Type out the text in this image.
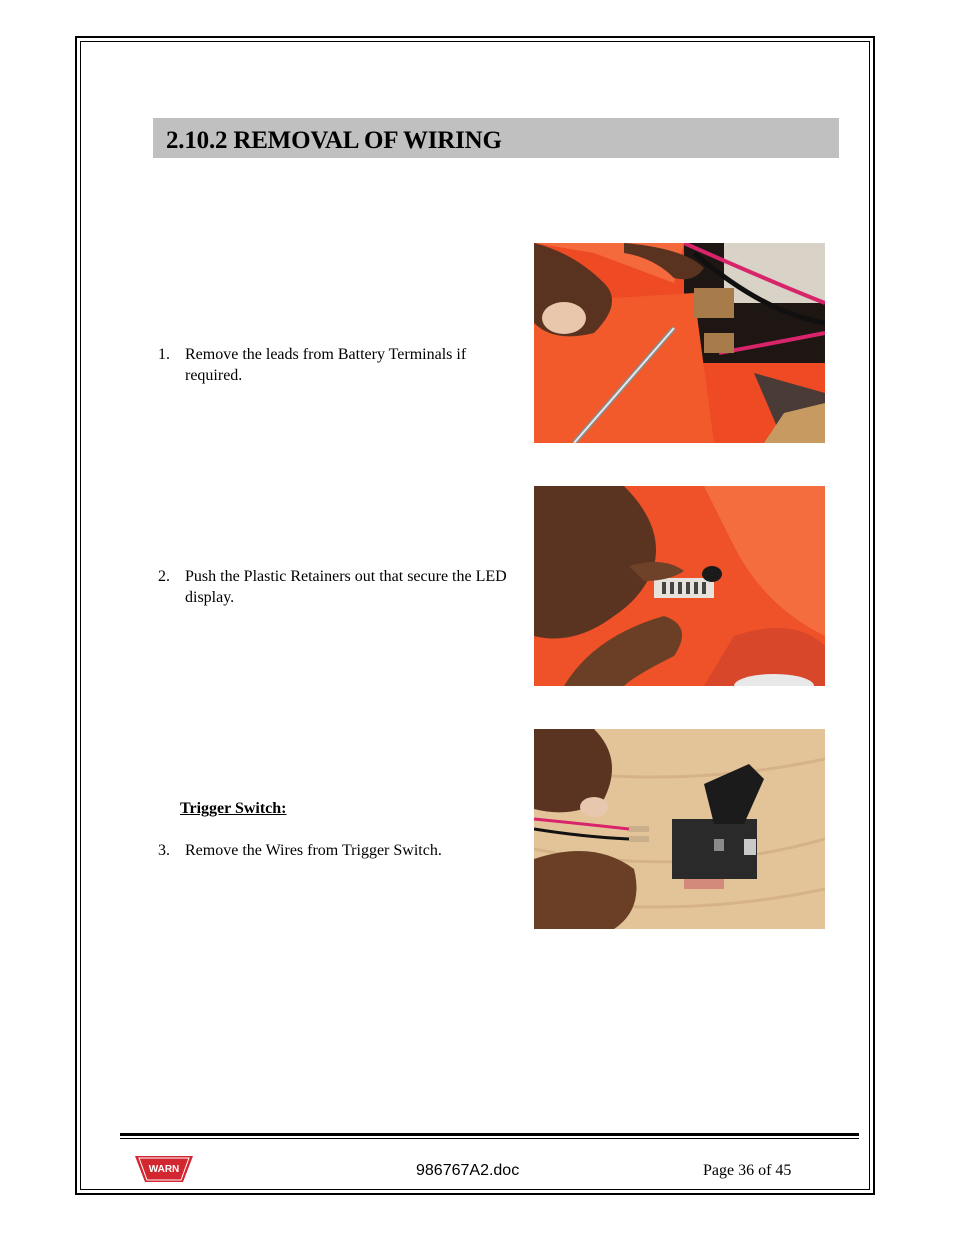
2.10.2 REMOVAL OF WIRING
1. Remove the leads from Battery Terminals if required.
2. Push the Plastic Retainers out that secure the LED display.
Trigger Switch:
3. Remove the Wires from Trigger Switch.
WARN	986767A2.doc	Page 36 of 45
